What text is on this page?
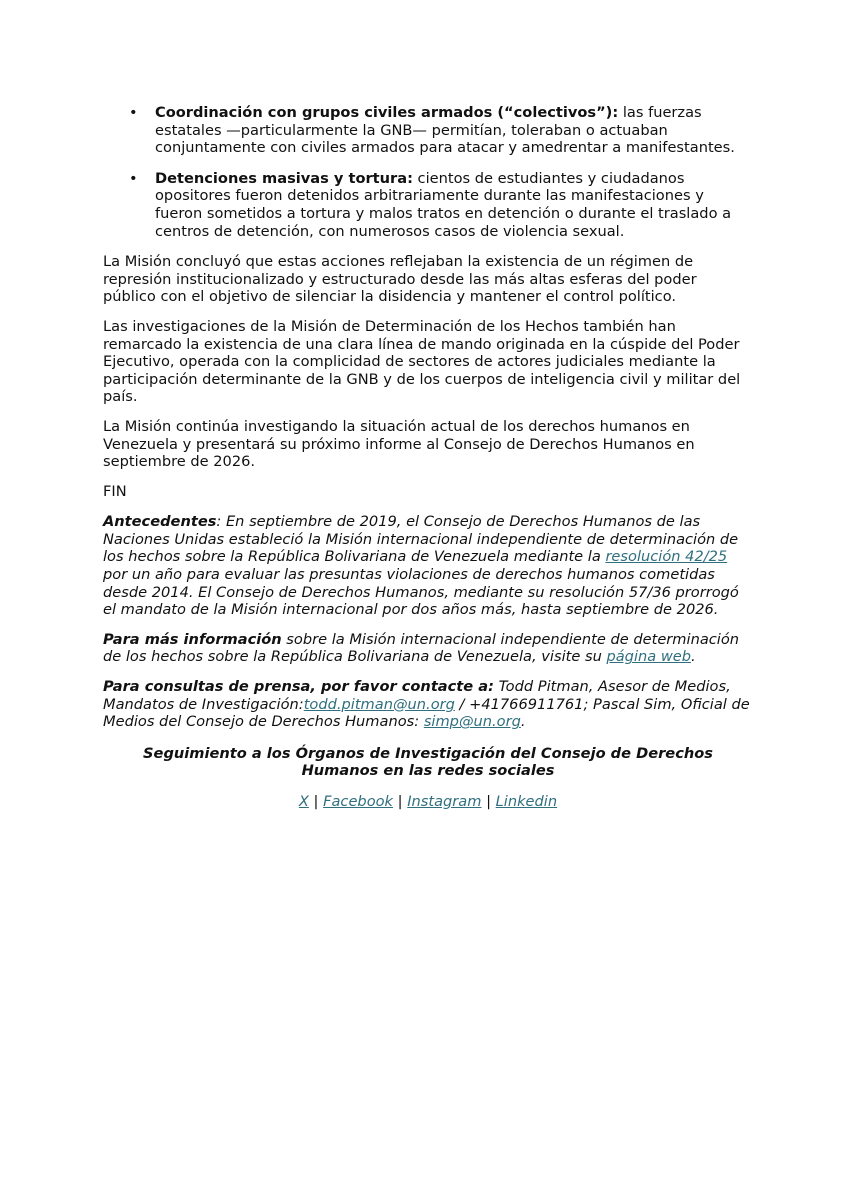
• Coordinación con grupos civiles armados (“colectivos”): las fuerzas estatales —particularmente la GNB— permitían, toleraban o actuaban conjuntamente con civiles armados para atacar y amedrentar a manifestantes.
• Detenciones masivas y tortura: cientos de estudiantes y ciudadanos opositores fueron detenidos arbitrariamente durante las manifestaciones y fueron sometidos a tortura y malos tratos en detención o durante el traslado a centros de detención, con numerosos casos de violencia sexual.

La Misión concluyó que estas acciones reflejaban la existencia de un régimen de represión institucionalizado y estructurado desde las más altas esferas del poder público con el objetivo de silenciar la disidencia y mantener el control político.

Las investigaciones de la Misión de Determinación de los Hechos también han remarcado la existencia de una clara línea de mando originada en la cúspide del Poder Ejecutivo, operada con la complicidad de sectores de actores judiciales mediante la participación determinante de la GNB y de los cuerpos de inteligencia civil y militar del país.

La Misión continúa investigando la situación actual de los derechos humanos en Venezuela y presentará su próximo informe al Consejo de Derechos Humanos en septiembre de 2026.

FIN

Antecedentes: En septiembre de 2019, el Consejo de Derechos Humanos de las Naciones Unidas estableció la Misión internacional independiente de determinación de los hechos sobre la República Bolivariana de Venezuela mediante la resolución 42/25 por un año para evaluar las presuntas violaciones de derechos humanos cometidas desde 2014. El Consejo de Derechos Humanos, mediante su resolución 57/36 prorrogó el mandato de la Misión internacional por dos años más, hasta septiembre de 2026.

Para más información sobre la Misión internacional independiente de determinación de los hechos sobre la República Bolivariana de Venezuela, visite su página web.

Para consultas de prensa, por favor contacte a: Todd Pitman, Asesor de Medios, Mandatos de Investigación:todd.pitman@un.org / +41766911761; Pascal Sim, Oficial de Medios del Consejo de Derechos Humanos: simp@un.org.

Seguimiento a los Órganos de Investigación del Consejo de Derechos Humanos en las redes sociales
X | Facebook | Instagram | Linkedin
